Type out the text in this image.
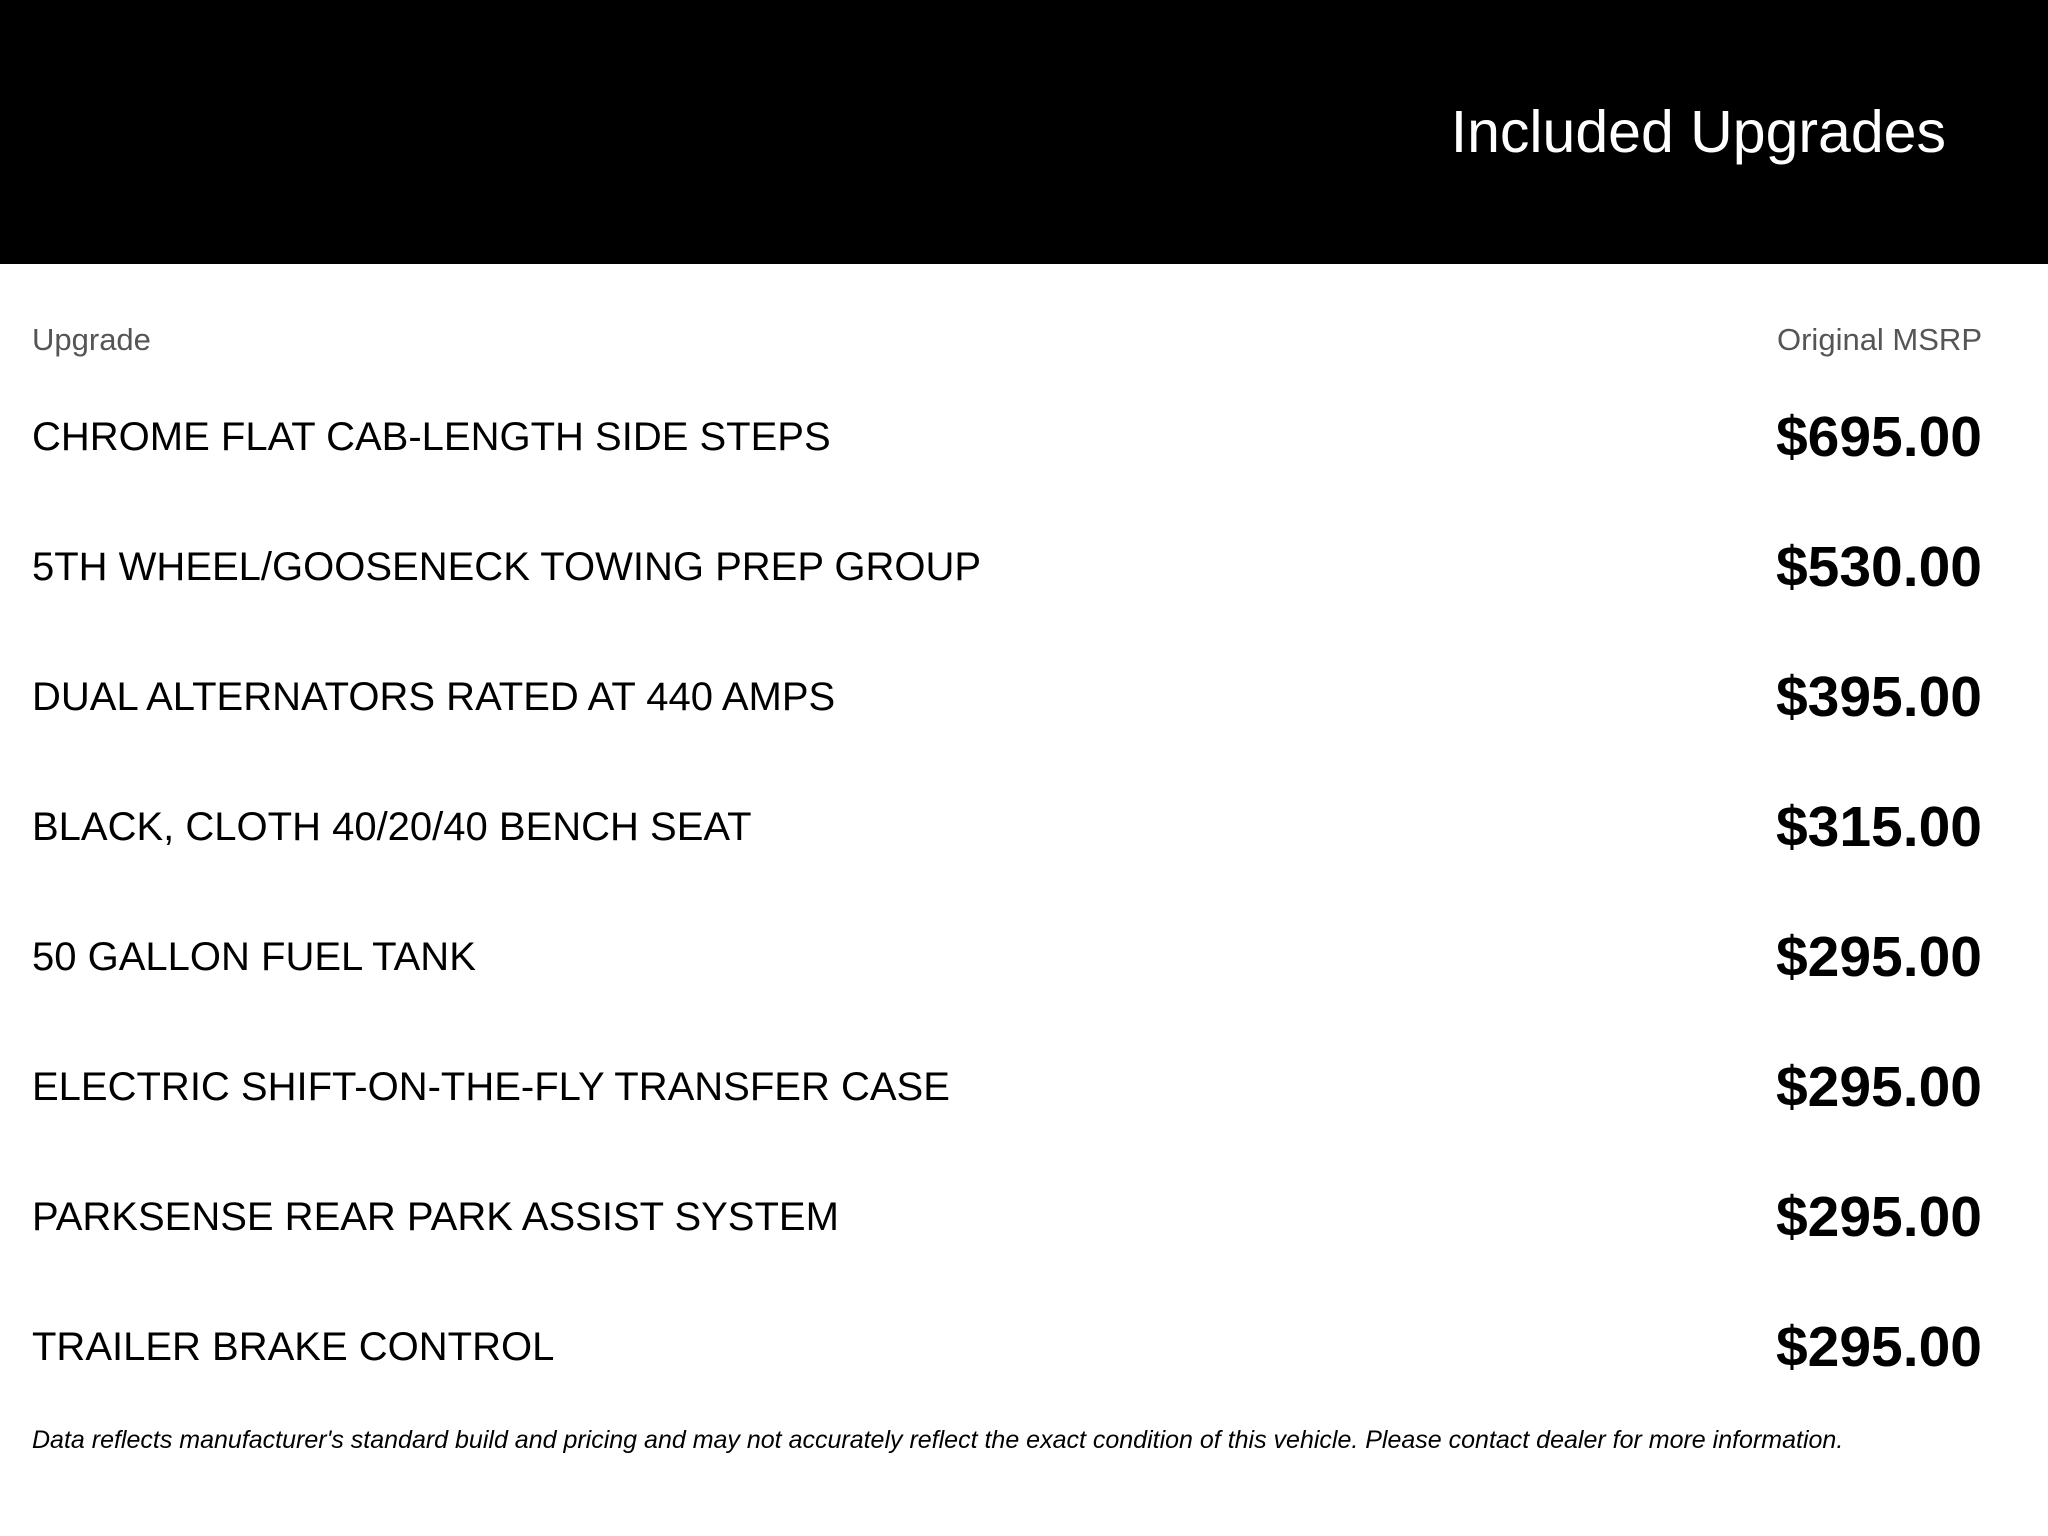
Included Upgrades
Upgrade	Original MSRP
CHROME FLAT CAB-LENGTH SIDE STEPS	$695.00
5TH WHEEL/GOOSENECK TOWING PREP GROUP	$530.00
DUAL ALTERNATORS RATED AT 440 AMPS	$395.00
BLACK, CLOTH 40/20/40 BENCH SEAT	$315.00
50 GALLON FUEL TANK	$295.00
ELECTRIC SHIFT-ON-THE-FLY TRANSFER CASE	$295.00
PARKSENSE REAR PARK ASSIST SYSTEM	$295.00
TRAILER BRAKE CONTROL	$295.00
Data reflects manufacturer's standard build and pricing and may not accurately reflect the exact condition of this vehicle. Please contact dealer for more information.
